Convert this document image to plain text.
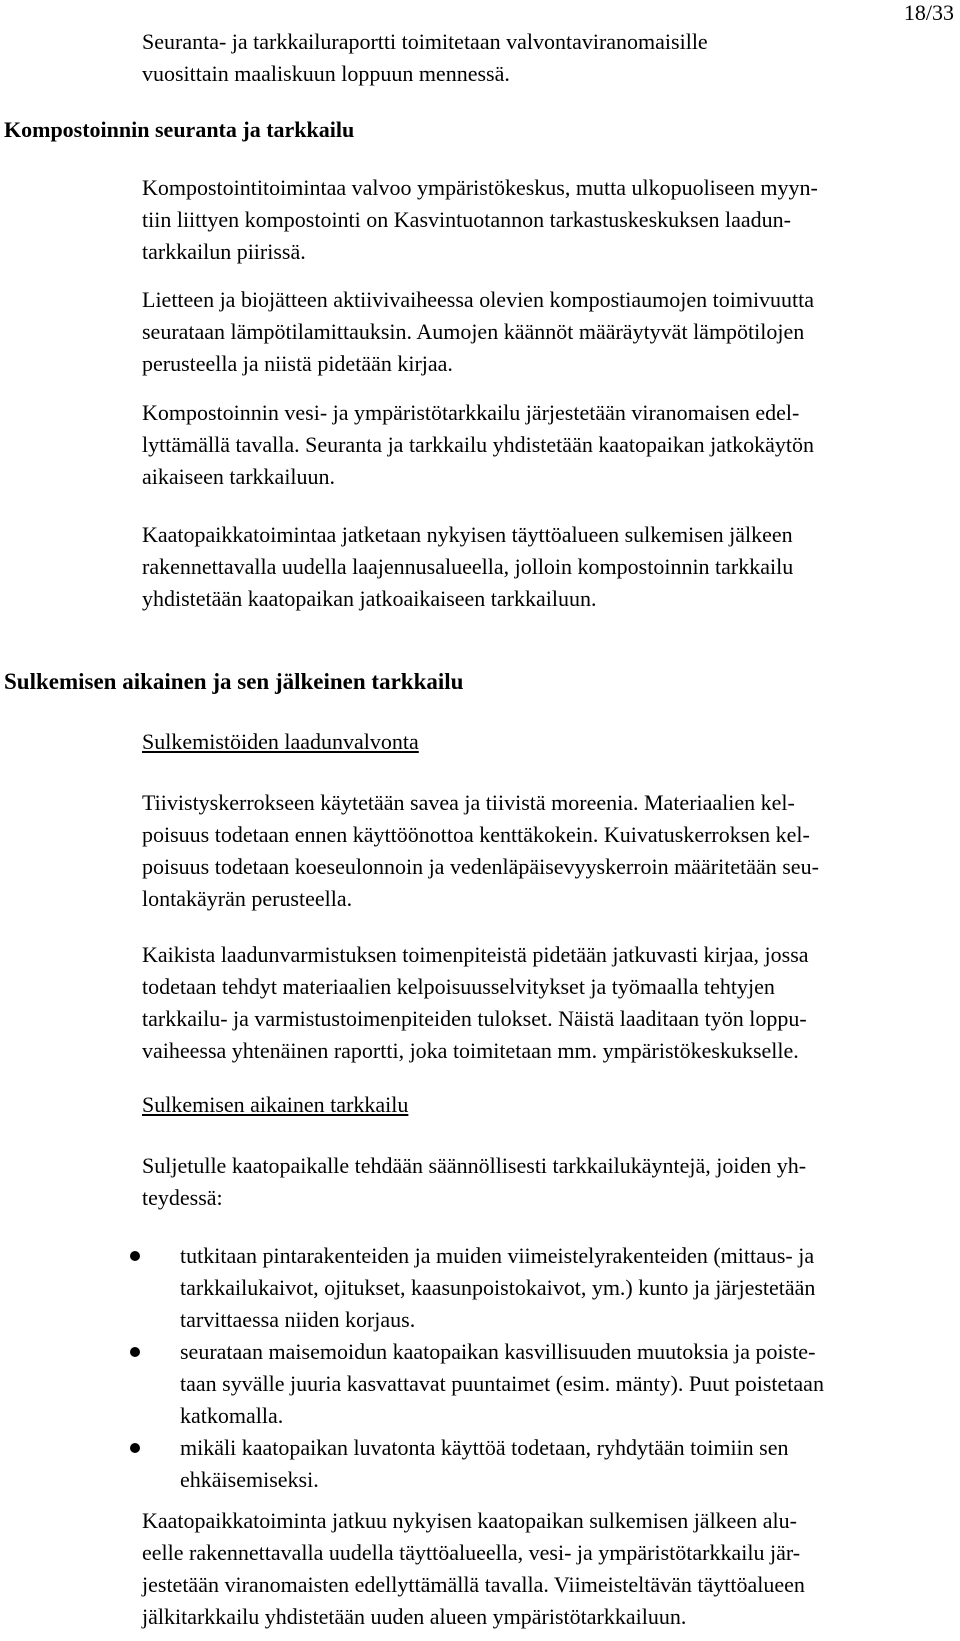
18/33
Seuranta- ja tarkkailuraportti toimitetaan valvontaviranomaisille
vuosittain maaliskuun loppuun mennessä.
Kompostoinnin seuranta ja tarkkailu
Kompostointitoimintaa valvoo ympäristökeskus, mutta ulkopuoliseen myyn-
tiin liittyen kompostointi on Kasvintuotannon tarkastuskeskuksen laadun-
tarkkailun piirissä.
Lietteen ja biojätteen aktiivivaiheessa olevien kompostiaumojen toimivuutta
seurataan lämpötilamittauksin. Aumojen käännöt määräytyvät lämpötilojen
perusteella ja niistä pidetään kirjaa.
Kompostoinnin vesi- ja ympäristötarkkailu järjestetään viranomaisen edel-
lyttämällä tavalla. Seuranta ja tarkkailu yhdistetään kaatopaikan jatkokäytön
aikaiseen tarkkailuun.
Kaatopaikkatoimintaa jatketaan nykyisen täyttöalueen sulkemisen jälkeen
rakennettavalla uudella laajennusalueella, jolloin kompostoinnin tarkkailu
yhdistetään kaatopaikan jatkoaikaiseen tarkkailuun.
Sulkemisen aikainen ja sen jälkeinen tarkkailu
Sulkemistöiden laadunvalvonta
Tiivistyskerrokseen käytetään savea ja tiivistä moreenia. Materiaalien kel-
poisuus todetaan ennen käyttöönottoa kenttäkokein. Kuivatuskerroksen kel-
poisuus todetaan koeseulonnoin ja vedenläpäisevyyskerroin määritetään seu-
lontakäyrän perusteella.
Kaikista laadunvarmistuksen toimenpiteistä pidetään jatkuvasti kirjaa, jossa
todetaan tehdyt materiaalien kelpoisuusselvitykset ja työmaalla tehtyjen
tarkkailu- ja varmistustoimenpiteiden tulokset. Näistä laaditaan työn loppu-
vaiheessa yhtenäinen raportti, joka toimitetaan mm. ympäristökeskukselle.
Sulkemisen aikainen tarkkailu
Suljetulle kaatopaikalle tehdään säännöllisesti tarkkailukäyntejä, joiden yh-
teydessä:
tutkitaan pintarakenteiden ja muiden viimeistelyrakenteiden (mittaus- ja
tarkkailukaivot, ojitukset, kaasunpoistokaivot, ym.) kunto ja järjestetään
tarvittaessa niiden korjaus.
seurataan maisemoidun kaatopaikan kasvillisuuden muutoksia ja poiste-
taan syvälle juuria kasvattavat puuntaimet (esim. mänty). Puut poistetaan
katkomalla.
mikäli kaatopaikan luvatonta käyttöä todetaan, ryhdytään toimiin sen
ehkäisemiseksi.
Kaatopaikkatoiminta jatkuu nykyisen kaatopaikan sulkemisen jälkeen alu-
eelle rakennettavalla uudella täyttöalueella, vesi- ja ympäristötarkkailu jär-
jestetään viranomaisten edellyttämällä tavalla. Viimeisteltävän täyttöalueen
jälkitarkkailu yhdistetään uuden alueen ympäristötarkkailuun.
